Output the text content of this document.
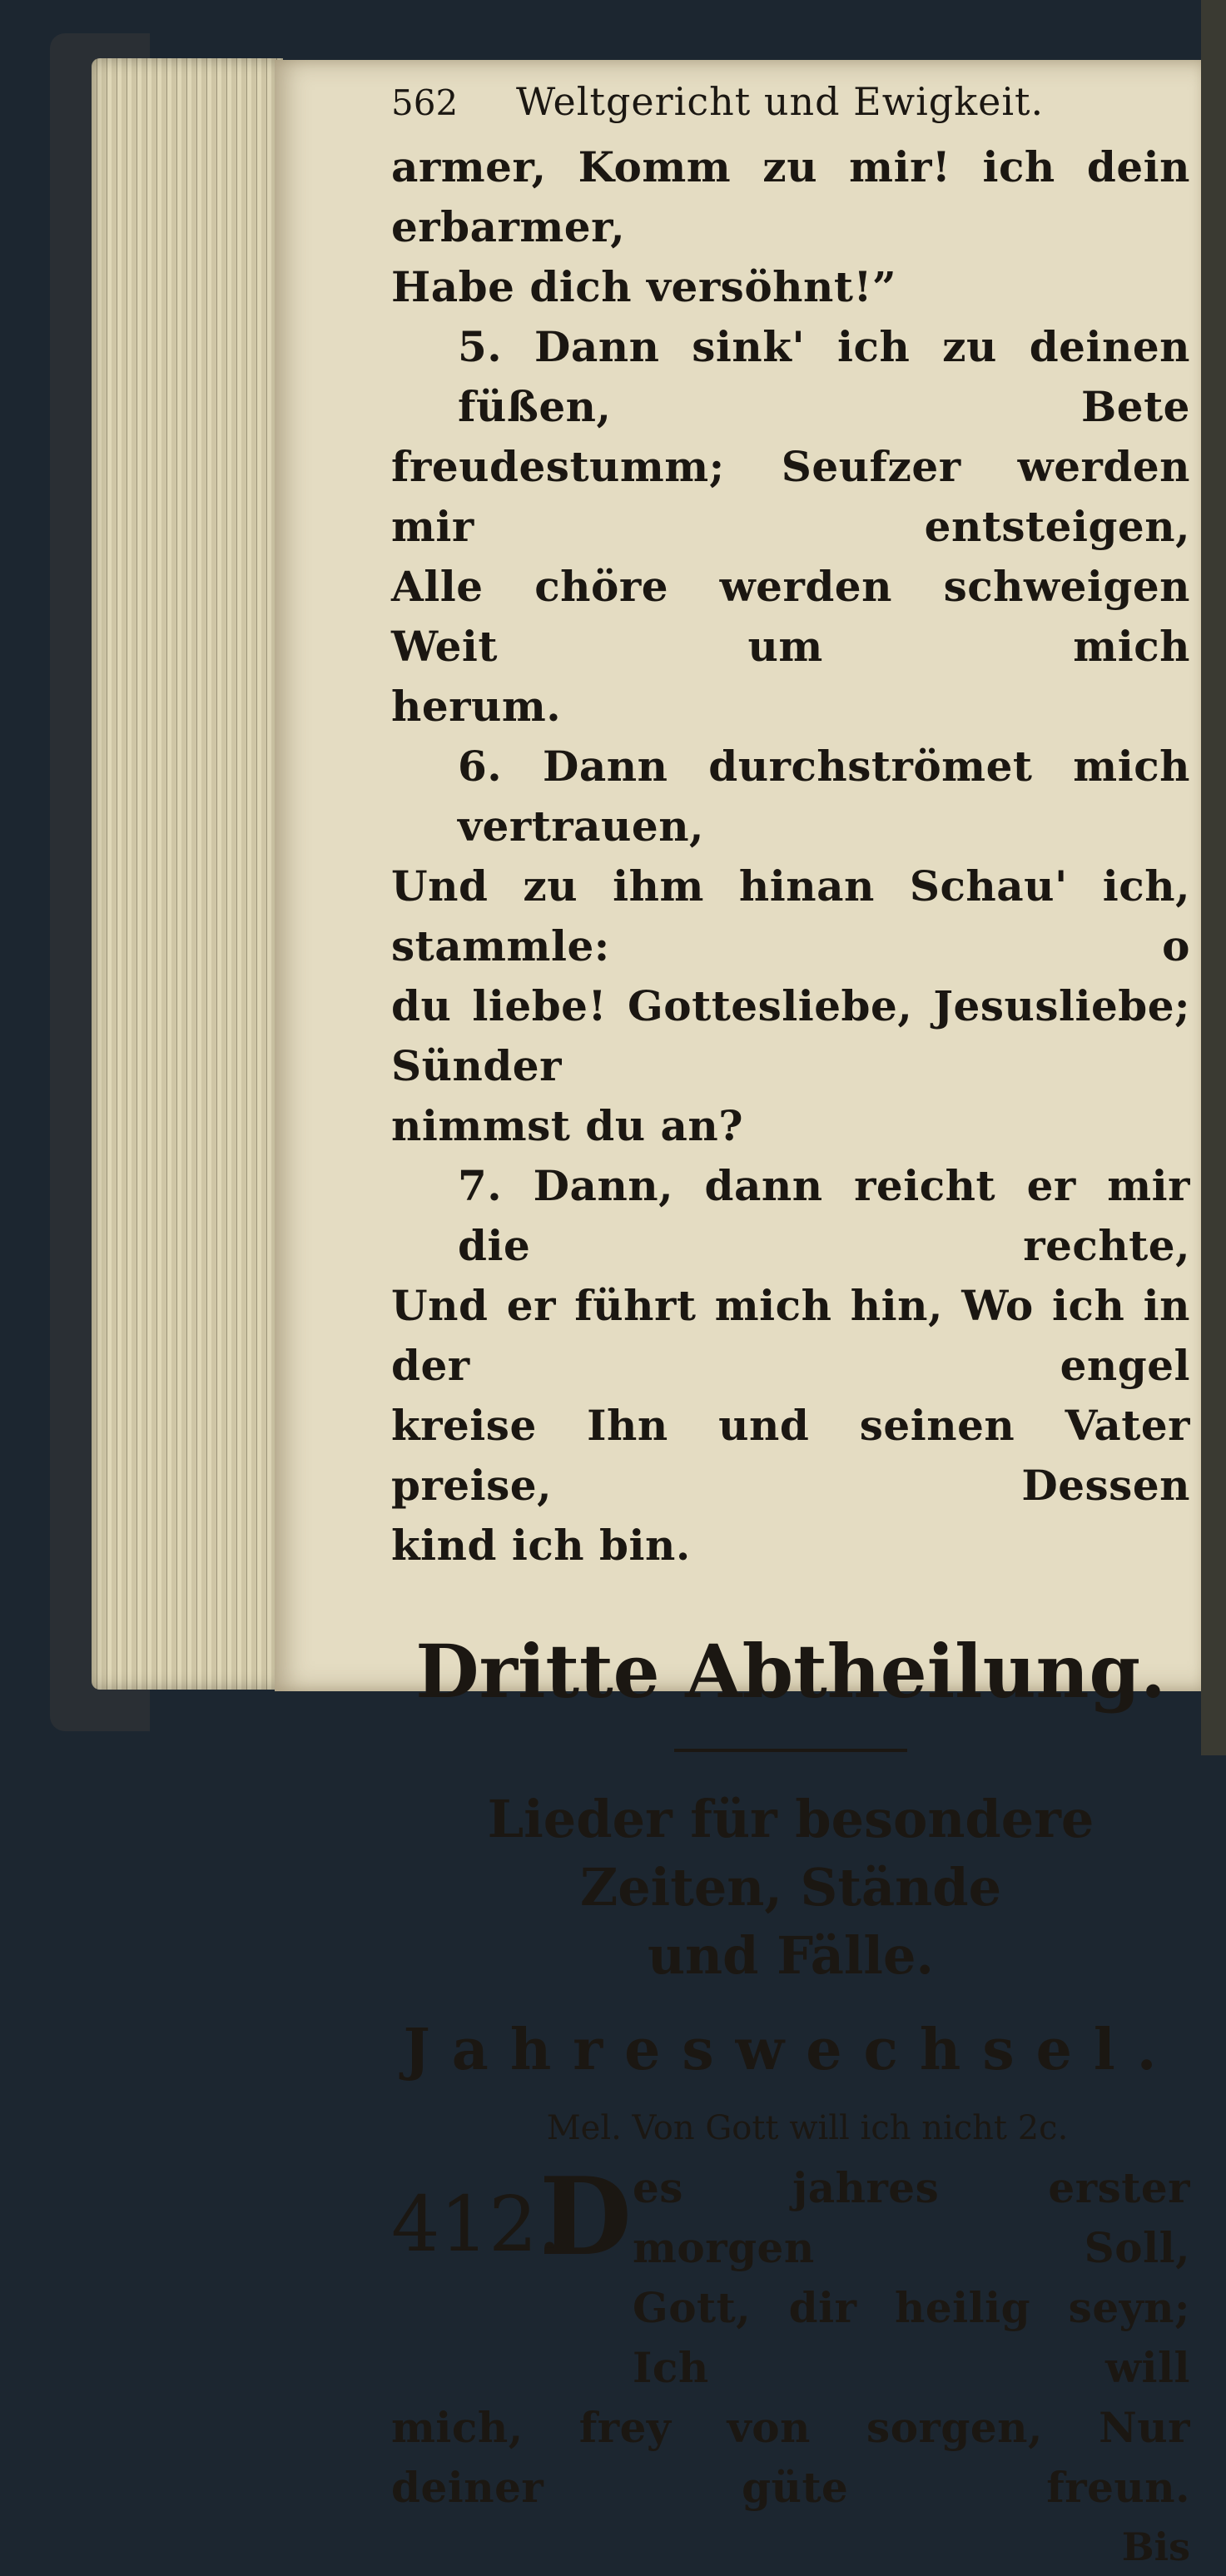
562	Weltgericht und Ewigkeit.
armer, Komm zu mir! ich dein erbarmer,
Habe dich versöhnt!”
5. Dann sink' ich zu deinen füßen, Bete
freudestumm; Seufzer werden mir entsteigen,
Alle chöre werden schweigen Weit um mich
herum.
6. Dann durchströmet mich vertrauen,
Und zu ihm hinan Schau' ich, stammle: o
du liebe! Gottesliebe, Jesusliebe; Sünder
nimmst du an?
7. Dann, dann reicht er mir die rechte,
Und er führt mich hin, Wo ich in der engel
kreise Ihn und seinen Vater preise, Dessen
kind ich bin.
Dritte Abtheilung.
Lieder für besondere Zeiten, Stände
und Fälle.
Jahreswechsel.
Mel. Von Gott will ich nicht 2c.
412.
D es jahres erster morgen Soll,
Gott, dir heilig seyn; Ich will
mich, frey von sorgen, Nur deiner güte freun.
Bis
